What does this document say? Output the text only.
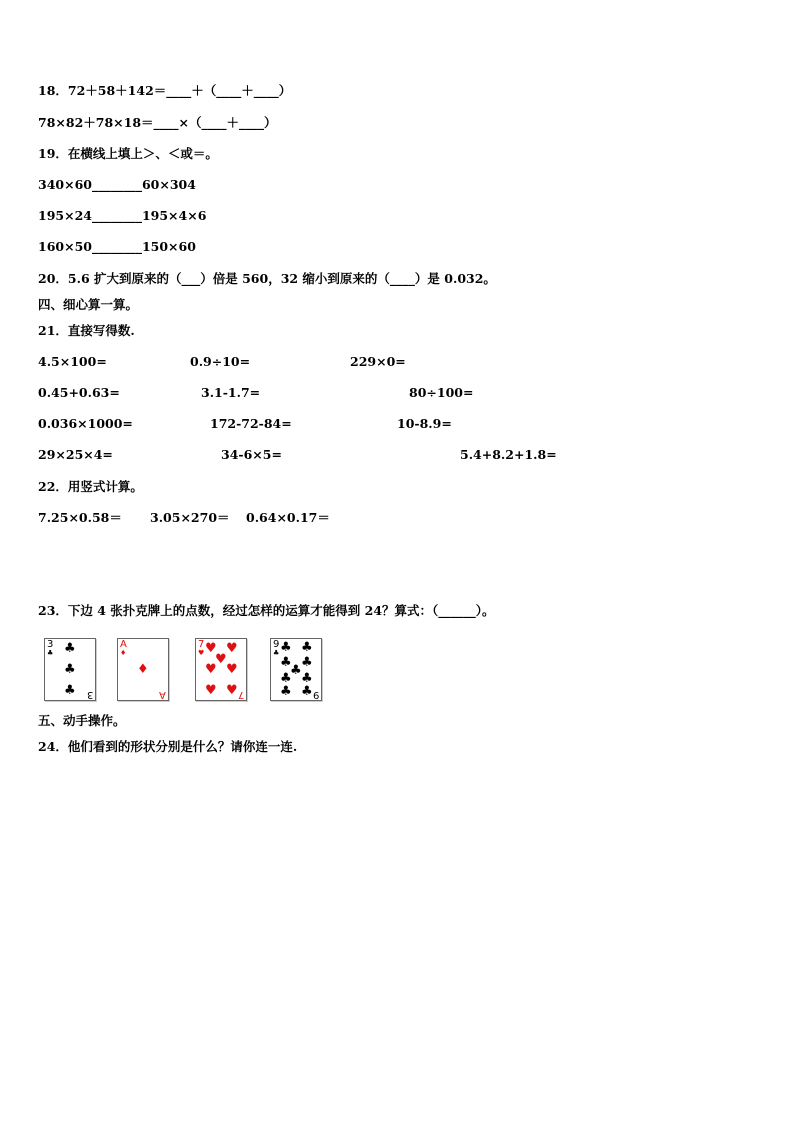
18．72＋58＋142＝____＋（____＋____）
78×82＋78×18＝____×（____＋____）
19．在横线上填上＞、＜或＝。
340×60________60×304
195×24________195×4×6
160×50________150×60
20．5.6 扩大到原来的（___）倍是 560，32 缩小到原来的（____）是 0.032。
四、细心算一算。
21．直接写得数.
4.5×100=	0.9÷10=	229×0=
0.45+0.63=	3.1-1.7=	80÷100=
0.036×1000=	172-72-84=	10-8.9=
29×25×4=	34-6×5=	5.4+8.2+1.8=
22．用竖式计算。
7.25×0.58＝ 3.05×270＝ 0.64×0.17＝
23．下边 4 张扑克牌上的点数，经过怎样的运算才能得到 24？算式：（______）。
3
♣ ♣
♣
♣ 3
A
♦
♦
A
7
♥ ♥ ♥
♥
♥ ♥
♥ ♥ 7
9
♣ ♣ ♣
♣ ♣
♣
♣ ♣
♣ ♣ 9
五、动手操作。
24．他们看到的形状分别是什么？请你连一连.
